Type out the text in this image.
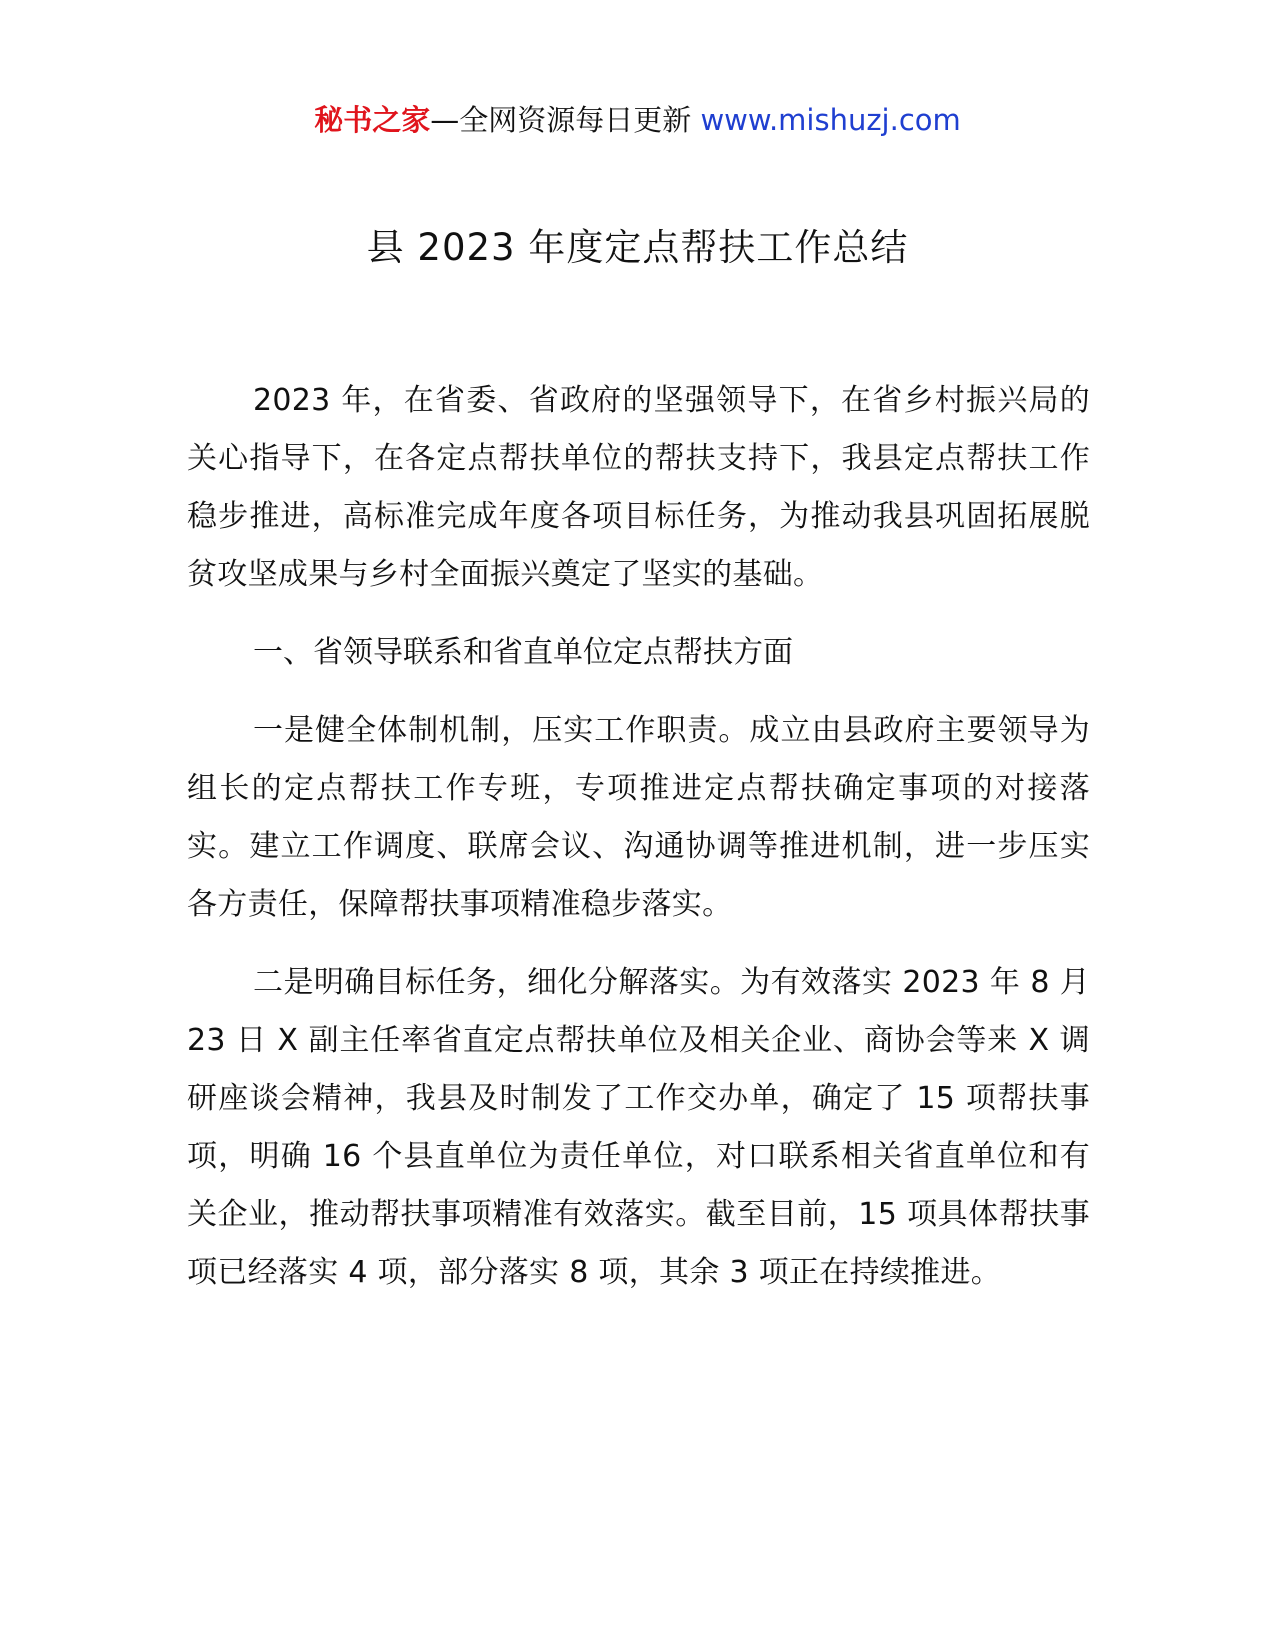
秘书之家—全网资源每日更新 www.mishuzj.com
县 2023 年度定点帮扶工作总结

2023 年，在省委、省政府的坚强领导下，在省乡村振兴局的关心指导下，在各定点帮扶单位的帮扶支持下，我县定点帮扶工作稳步推进，高标准完成年度各项目标任务，为推动我县巩固拓展脱贫攻坚成果与乡村全面振兴奠定了坚实的基础。

一、省领导联系和省直单位定点帮扶方面

一是健全体制机制，压实工作职责。成立由县政府主要领导为组长的定点帮扶工作专班，专项推进定点帮扶确定事项的对接落实。建立工作调度、联席会议、沟通协调等推进机制，进一步压实各方责任，保障帮扶事项精准稳步落实。

二是明确目标任务，细化分解落实。为有效落实 2023 年 8 月 23 日 X 副主任率省直定点帮扶单位及相关企业、商协会等来 X 调研座谈会精神，我县及时制发了工作交办单，确定了 15 项帮扶事项，明确 16 个县直单位为责任单位，对口联系相关省直单位和有关企业，推动帮扶事项精准有效落实。截至目前，15 项具体帮扶事项已经落实 4 项，部分落实 8 项，其余 3 项正在持续推进。
